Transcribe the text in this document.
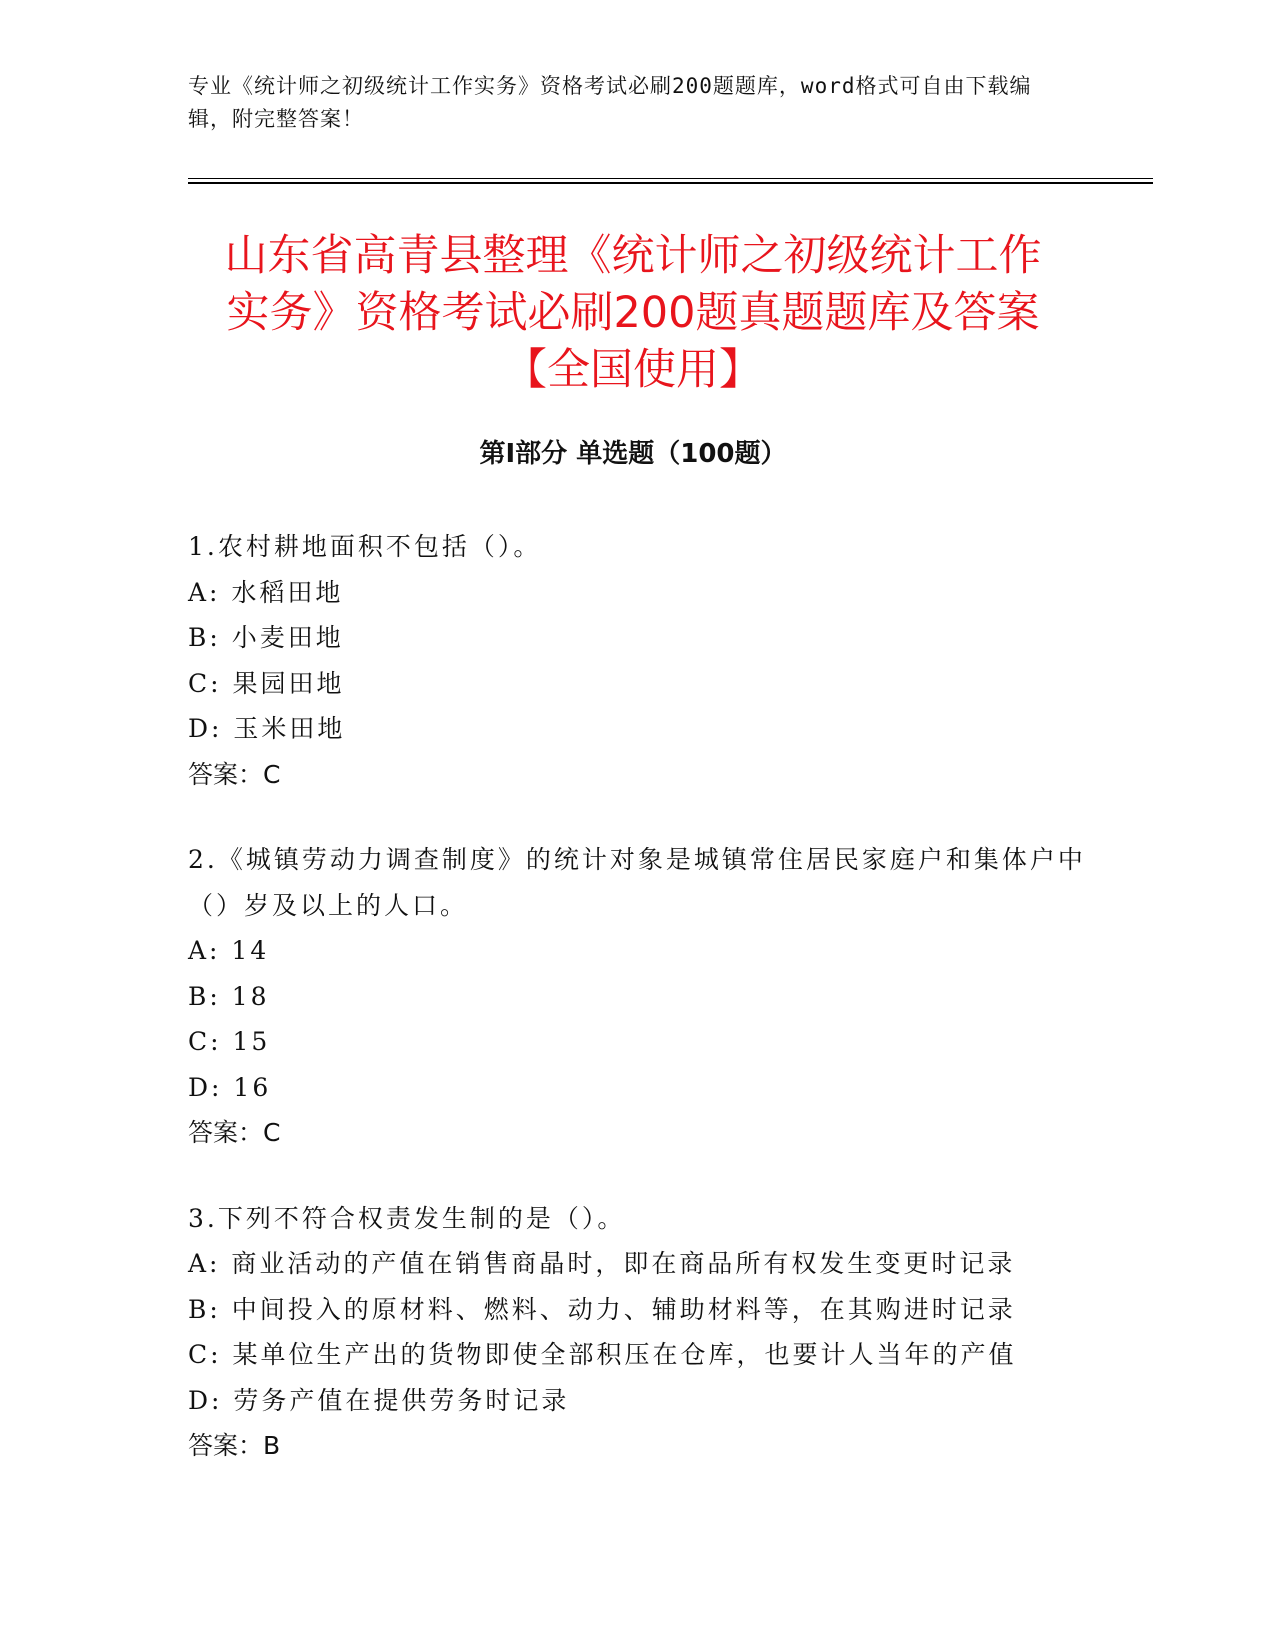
专业《统计师之初级统计工作实务》资格考试必刷200题题库，word格式可自由下载编辑，附完整答案！
山东省高青县整理《统计师之初级统计工作
实务》资格考试必刷200题真题题库及答案
【全国使用】
第I部分 单选题（100题）
1.农村耕地面积不包括（）。
A: 水稻田地
B: 小麦田地
C: 果园田地
D: 玉米田地
答案：C
2.《城镇劳动力调查制度》的统计对象是城镇常住居民家庭户和集体户中（）岁及以上的人口。
A: 14
B: 18
C: 15
D: 16
答案：C
3.下列不符合权责发生制的是（）。
A: 商业活动的产值在销售商晶时，即在商品所有权发生变更时记录
B: 中间投入的原材料、燃料、动力、辅助材料等，在其购进时记录
C: 某单位生产出的货物即使全部积压在仓库，也要计人当年的产值
D: 劳务产值在提供劳务时记录
答案：B
